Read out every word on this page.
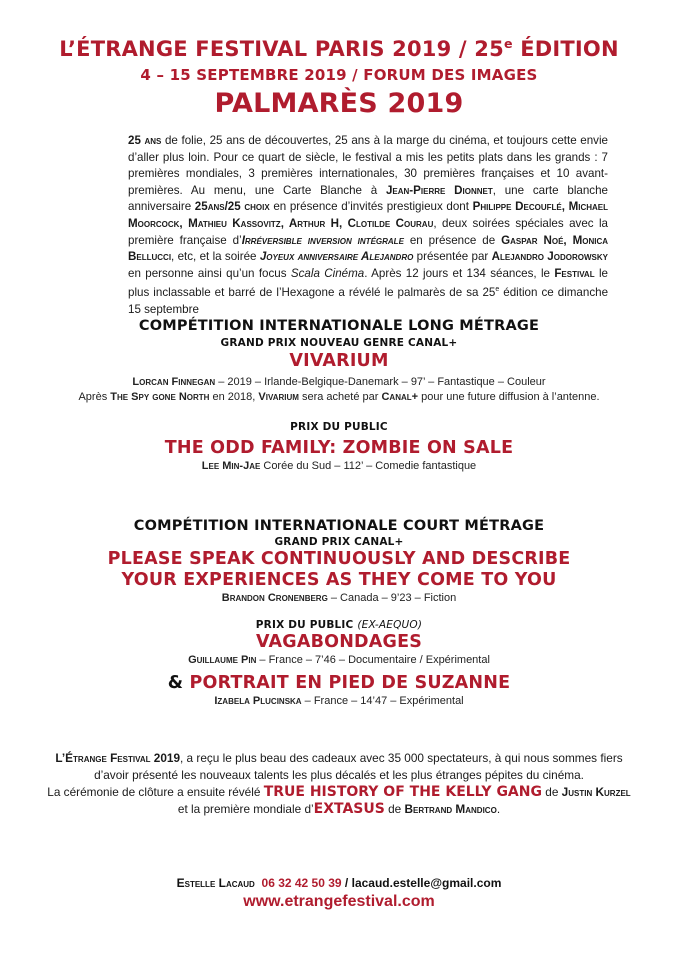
L’ÉTRANGE FESTIVAL PARIS 2019 / 25e ÉDITION
4 – 15 SEPTEMBRE 2019 / FORUM DES IMAGES
PALMARÈS 2019
25 ans de folie, 25 ans de découvertes, 25 ans à la marge du cinéma, et toujours cette envie d’aller plus loin. Pour ce quart de siècle, le festival a mis les petits plats dans les grands : 7 premières mondiales, 3 premières internationales, 30 premières françaises et 10 avant-premières. Au menu, une Carte Blanche à Jean-Pierre Dionnet, une carte blanche anniversaire 25ans/25 choix en présence d’invités prestigieux dont Philippe Decouflé, Michael Moorcock, Mathieu Kassovitz, Arthur H, Clotilde Courau, deux soirées spéciales avec la première française d’Irréversible inversion intégrale en présence de Gaspar Noé, Monica Bellucci, etc, et la soirée Joyeux anniversaire Alejandro présentée par Alejandro Jodorowsky en personne ainsi qu’un focus Scala Cinéma. Après 12 jours et 134 séances, le Festival le plus inclassable et barré de l’Hexagone a révélé le palmarès de sa 25e édition ce dimanche 15 septembre
COMPÉTITION INTERNATIONALE LONG MÉTRAGE
GRAND PRIX NOUVEAU GENRE CANAL+
VIVARIUM
Lorcan Finnegan – 2019 – Irlande-Belgique-Danemark – 97’ – Fantastique – Couleur
Après The Spy gone North en 2018, Vivarium sera acheté par Canal+ pour une future diffusion à l’antenne.
PRIX DU PUBLIC
THE ODD FAMILY: ZOMBIE ON SALE
Lee Min-Jae Corée du Sud – 112’ – Comedie fantastique
COMPÉTITION INTERNATIONALE COURT MÉTRAGE
GRAND PRIX CANAL+
PLEASE SPEAK CONTINUOUSLY AND DESCRIBE
YOUR EXPERIENCES AS THEY COME TO YOU
Brandon Cronenberg – Canada – 9’23 – Fiction
PRIX DU PUBLIC (EX-AEQUO)
VAGABONDAGES
Guillaume Pin – France – 7’46 – Documentaire / Expérimental
& PORTRAIT EN PIED DE SUZANNE
Izabela Plucinska – France – 14’47 – Expérimental
L’Étrange Festival 2019, a reçu le plus beau des cadeaux avec 35 000 spectateurs, à qui nous sommes fiers
d’avoir présenté les nouveaux talents les plus décalés et les plus étranges pépites du cinéma.
La cérémonie de clôture a ensuite révélé TRUE HISTORY OF THE KELLY GANG de Justin Kurzel
et la première mondiale d’EXTASUS de Bertrand Mandico.
Estelle Lacaud 06 32 42 50 39 / lacaud.estelle@gmail.com
www.etrangefestival.com
